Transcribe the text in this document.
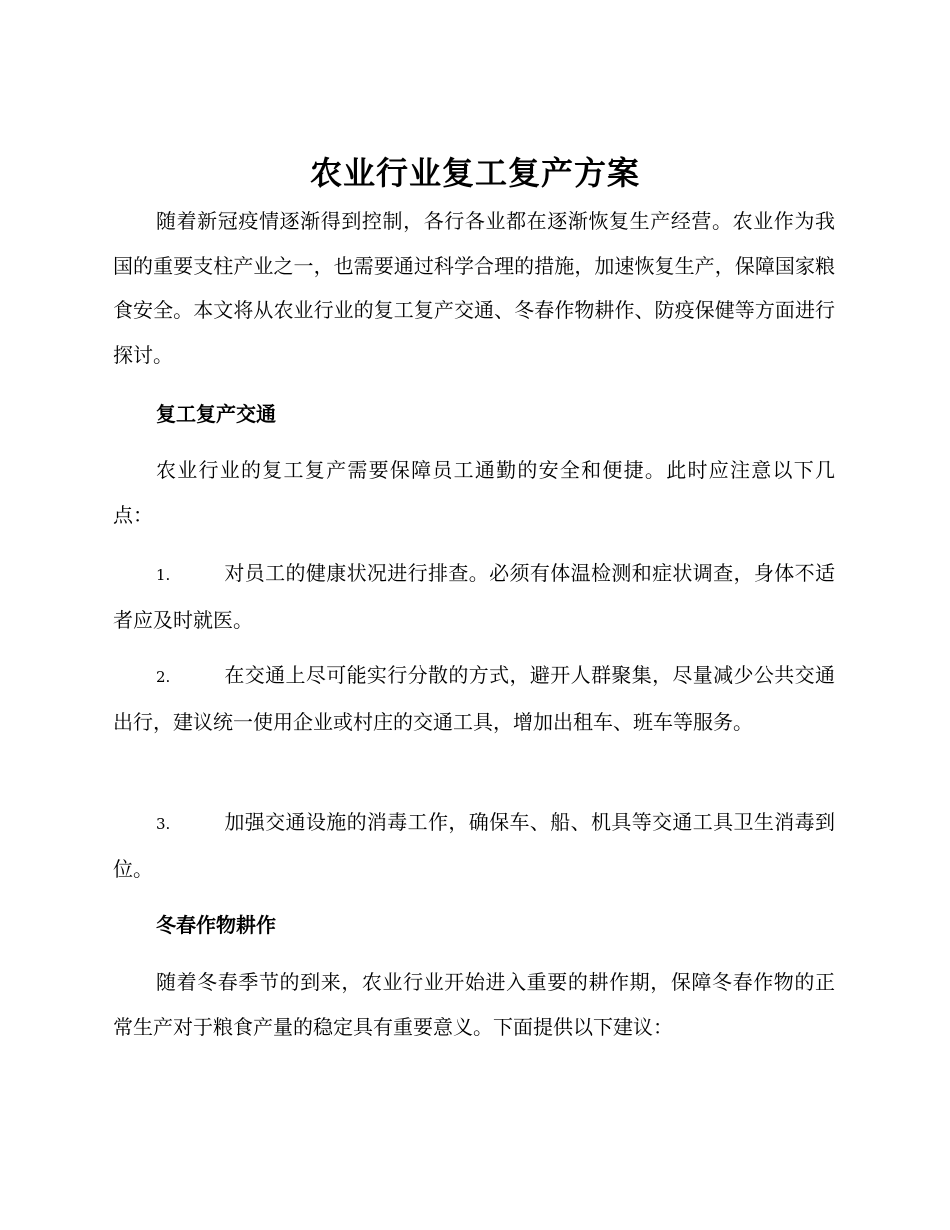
农业行业复工复产方案

随着新冠疫情逐渐得到控制，各行各业都在逐渐恢复生产经营。农业作为我国的重要支柱产业之一，也需要通过科学合理的措施，加速恢复生产，保障国家粮食安全。本文将从农业行业的复工复产交通、冬春作物耕作、防疫保健等方面进行探讨。

复工复产交通

农业行业的复工复产需要保障员工通勤的安全和便捷。此时应注意以下几点：

1.	对员工的健康状况进行排查。必须有体温检测和症状调查，身体不适者应及时就医。

2.	在交通上尽可能实行分散的方式，避开人群聚集，尽量减少公共交通出行，建议统一使用企业或村庄的交通工具，增加出租车、班车等服务。

3.	加强交通设施的消毒工作，确保车、船、机具等交通工具卫生消毒到位。

冬春作物耕作

随着冬春季节的到来，农业行业开始进入重要的耕作期，保障冬春作物的正常生产对于粮食产量的稳定具有重要意义。下面提供以下建议：
